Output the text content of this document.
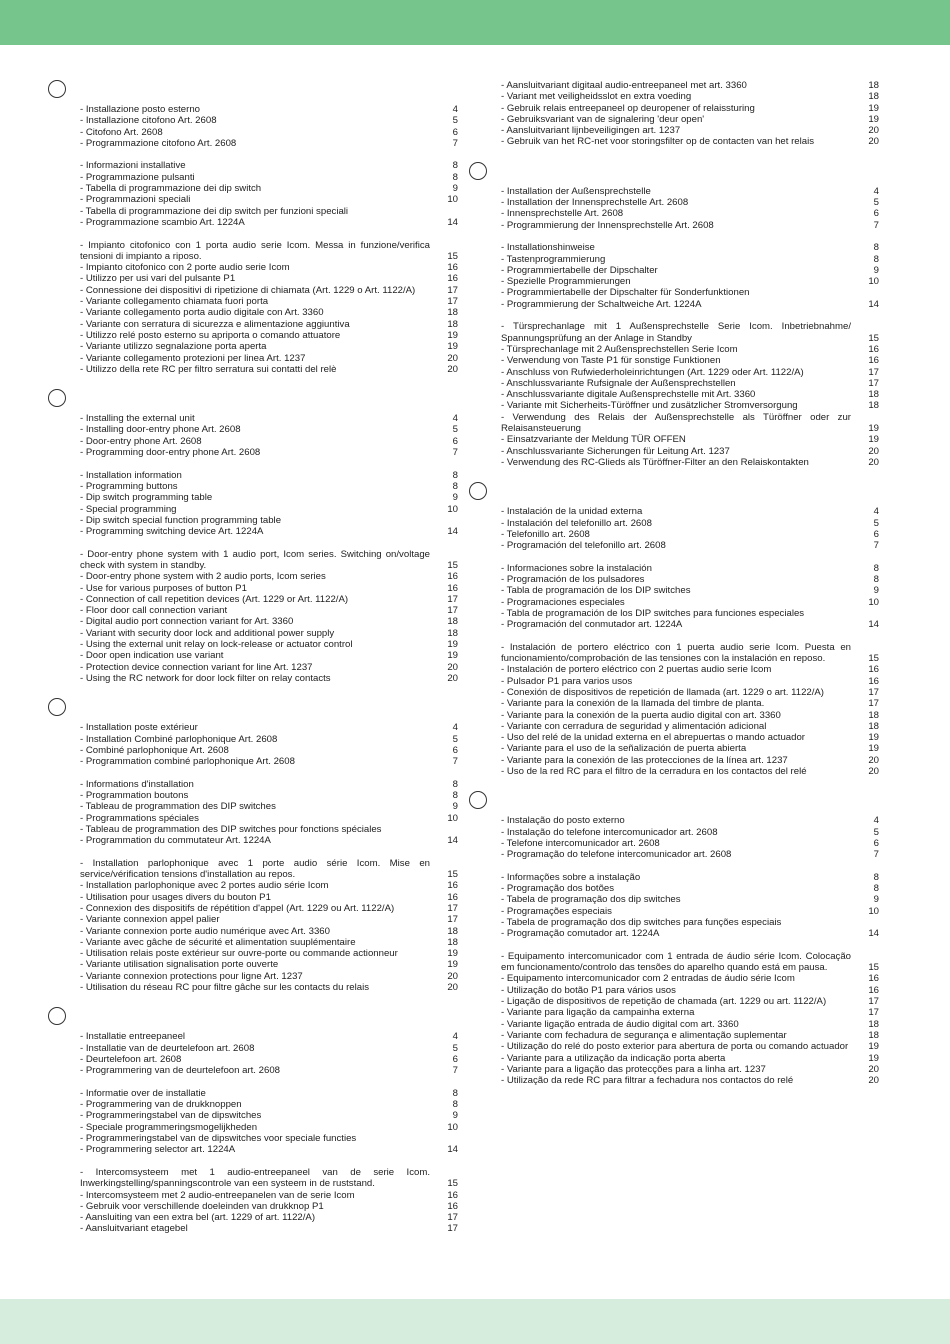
- Installazione posto esterno	4
- Installazione citofono Art. 2608	5
- Citofono Art. 2608	6
- Programmazione citofono Art. 2608	7
- Informazioni installative	8
- Programmazione pulsanti	8
- Tabella di programmazione dei dip switch	9
- Programmazioni speciali	10
- Tabella di programmazione dei dip switch per funzioni speciali
- Programmazione scambio Art. 1224A	14
- Impianto citofonico con 1 porta audio serie Icom. Messa in funzione/verifica tensioni di impianto a riposo.	15
- Impianto citofonico con 2 porte audio serie Icom	16
- Utilizzo per usi vari del pulsante P1	16
- Connessione dei dispositivi di ripetizione di chiamata (Art. 1229 o Art. 1122/A)	17
- Variante collegamento chiamata fuori porta	17
- Variante collegamento porta audio digitale con Art. 3360	18
- Variante con serratura di sicurezza e alimentazione aggiuntiva	18
- Utilizzo relé posto esterno su apriporta o comando attuatore	19
- Variante utilizzo segnalazione porta aperta	19
- Variante collegamento protezioni per linea Art. 1237	20
- Utilizzo della rete RC per filtro serratura sui contatti del relè	20
- Installing the external unit	4
- Installing door-entry phone Art. 2608	5
- Door-entry phone Art. 2608	6
- Programming door-entry phone Art. 2608	7
- Installation information	8
- Programming buttons	8
- Dip switch programming table	9
- Special programming	10
- Dip switch special function programming table
- Programming switching device Art. 1224A	14
- Door-entry phone system with 1 audio port, Icom series. Switching on/voltage check with system in standby.	15
- Door-entry phone system with 2 audio ports, Icom series	16
- Use for various purposes of button P1	16
- Connection of call repetition devices (Art. 1229 or Art. 1122/A)	17
- Floor door call connection variant	17
- Digital audio port connection variant for Art. 3360	18
- Variant with security door lock and additional power supply	18
- Using the external unit relay on lock-release or actuator control	19
- Door open indication use variant	19
- Protection device connection variant for line Art. 1237	20
- Using the RC network for door lock filter on relay contacts	20
- Installation poste extérieur	4
- Installation Combiné parlophonique Art. 2608	5
- Combiné parlophonique Art. 2608	6
- Programmation combiné parlophonique Art. 2608	7
- Informations d'installation	8
- Programmation boutons	8
- Tableau de programmation des DIP switches	9
- Programmations spéciales	10
- Tableau de programmation des DIP switches pour fonctions spéciales
- Programmation du commutateur Art. 1224A	14
- Installation parlophonique avec 1 porte audio série Icom. Mise en service/vérification tensions d'installation au repos.	15
- Installation parlophonique avec 2 portes audio série Icom	16
- Utilisation pour usages divers du bouton P1	16
- Connexion des dispositifs de répétition d'appel (Art. 1229 ou Art. 1122/A)	17
- Variante connexion appel palier	17
- Variante connexion porte audio numérique avec Art. 3360	18
- Variante avec gâche de sécurité et alimentation suuplémentaire	18
- Utilisation relais poste extérieur sur ouvre-porte ou commande actionneur	19
- Variante utilisation signalisation porte ouverte	19
- Variante connexion protections pour ligne Art. 1237	20
- Utilisation du réseau RC pour filtre gâche sur les contacts du relais	20
- Installatie entreepaneel	4
- Installatie van de deurtelefoon art. 2608	5
- Deurtelefoon art. 2608	6
- Programmering van de deurtelefoon art. 2608	7
- Informatie over de installatie	8
- Programmering van de drukknoppen	8
- Programmeringstabel van de dipswitches	9
- Speciale programmeringsmogelijkheden	10
- Programmeringstabel van de dipswitches voor speciale functies
- Programmering selector art. 1224A	14
- Intercomsysteem met 1 audio-entreepaneel van de serie Icom. Inwerkingstelling/spanningscontrole van een systeem in de ruststand.	15
- Intercomsysteem met 2 audio-entreepanelen van de serie Icom	16
- Gebruik voor verschillende doeleinden van drukknop P1	16
- Aansluiting van een extra bel (art. 1229 of art. 1122/A)	17
- Aansluitvariant etagebel	17
- Aansluitvariant digitaal audio-entreepaneel met art. 3360	18
- Variant met veiligheidsslot en extra voeding	18
- Gebruik relais entreepaneel op deuropener of relaissturing	19
- Gebruiksvariant van de signalering 'deur open'	19
- Aansluitvariant lijnbeveiligingen art. 1237	20
- Gebruik van het RC-net voor storingsfilter op de contacten van het relais	20
- Installation der Außensprechstelle	4
- Installation der Innensprechstelle Art. 2608	5
- Innensprechstelle Art. 2608	6
- Programmierung der Innensprechstelle Art. 2608	7
- Installationshinweise	8
- Tastenprogrammierung	8
- Programmiertabelle der Dipschalter	9
- Spezielle Programmierungen	10
- Programmiertabelle der Dipschalter für Sonderfunktionen
- Programmierung der Schaltweiche Art. 1224A	14
- Türsprechanlage mit 1 Außensprechstelle Serie Icom. Inbetriebnahme/ Spannungsprüfung an der Anlage in Standby	15
- Türsprechanlage mit 2 Außensprechstellen Serie Icom	16
- Verwendung von Taste P1 für sonstige Funktionen	16
- Anschluss von Rufwiederholeinrichtungen (Art. 1229 oder Art. 1122/A)	17
- Anschlussvariante Rufsignale der Außensprechstellen	17
- Anschlussvariante digitale Außensprechstelle mit Art. 3360	18
- Variante mit Sicherheits-Türöffner und zusätzlicher Stromversorgung	18
- Verwendung des Relais der Außensprechstelle als Türöffner oder zur Relaisansteuerung	19
- Einsatzvariante der Meldung TÜR OFFEN	19
- Anschlussvariante Sicherungen für Leitung Art. 1237	20
- Verwendung des RC-Glieds als Türöffner-Filter an den Relaiskontakten	20
- Instalación de la unidad externa	4
- Instalación del telefonillo art. 2608	5
- Telefonillo art. 2608	6
- Programación del telefonillo art. 2608	7
- Informaciones sobre la instalación	8
- Programación de los pulsadores	8
- Tabla de programación de los DIP switches	9
- Programaciones especiales	10
- Tabla de programación de los DIP switches para funciones especiales
- Programación del conmutador art. 1224A	14
- Instalación de portero eléctrico con 1 puerta audio serie Icom. Puesta en funcionamiento/comprobación de las tensiones con la instalación en reposo.	15
- Instalación de portero eléctrico con 2 puertas audio serie Icom	16
- Pulsador P1 para varios usos	16
- Conexión de dispositivos de repetición de llamada (art. 1229 o art. 1122/A)	17
- Variante para la conexión de la llamada del timbre de planta.	17
- Variante para la conexión de la puerta audio digital con art. 3360	18
- Variante con cerradura de seguridad y alimentación adicional	18
- Uso del relé de la unidad externa en el abrepuertas o mando actuador	19
- Variante para el uso de la señalización de puerta abierta	19
- Variante para la conexión de las protecciones de la línea art. 1237	20
- Uso de la red RC para el filtro de la cerradura en los contactos del relé	20
- Instalação do posto externo	4
- Instalação do telefone intercomunicador art. 2608	5
- Telefone intercomunicador art. 2608	6
- Programação do telefone intercomunicador art. 2608	7
- Informações sobre a instalação	8
- Programação dos botões	8
- Tabela de programação dos dip switches	9
- Programações especiais	10
- Tabela de programação dos dip switches para funções especiais
- Programação comutador art. 1224A	14
- Equipamento intercomunicador com 1 entrada de áudio série Icom. Colocação em funcionamento/controlo das tensões do aparelho quando está em pausa.	15
- Equipamento intercomunicador com 2 entradas de áudio série Icom	16
- Utilização do botão P1 para vários usos	16
- Ligação de dispositivos de repetição de chamada (art. 1229 ou art. 1122/A)	17
- Variante para ligação da campainha externa	17
- Variante ligação entrada de áudio digital com art. 3360	18
- Variante com fechadura de segurança e alimentação suplementar	18
- Utilização do relé do posto exterior para abertura de porta ou comando actuador	19
- Variante para a utilização da indicação porta aberta	19
- Variante para a ligação das protecções para a linha art. 1237	20
- Utilização da rede RC para filtrar a fechadura nos contactos do relé	20
